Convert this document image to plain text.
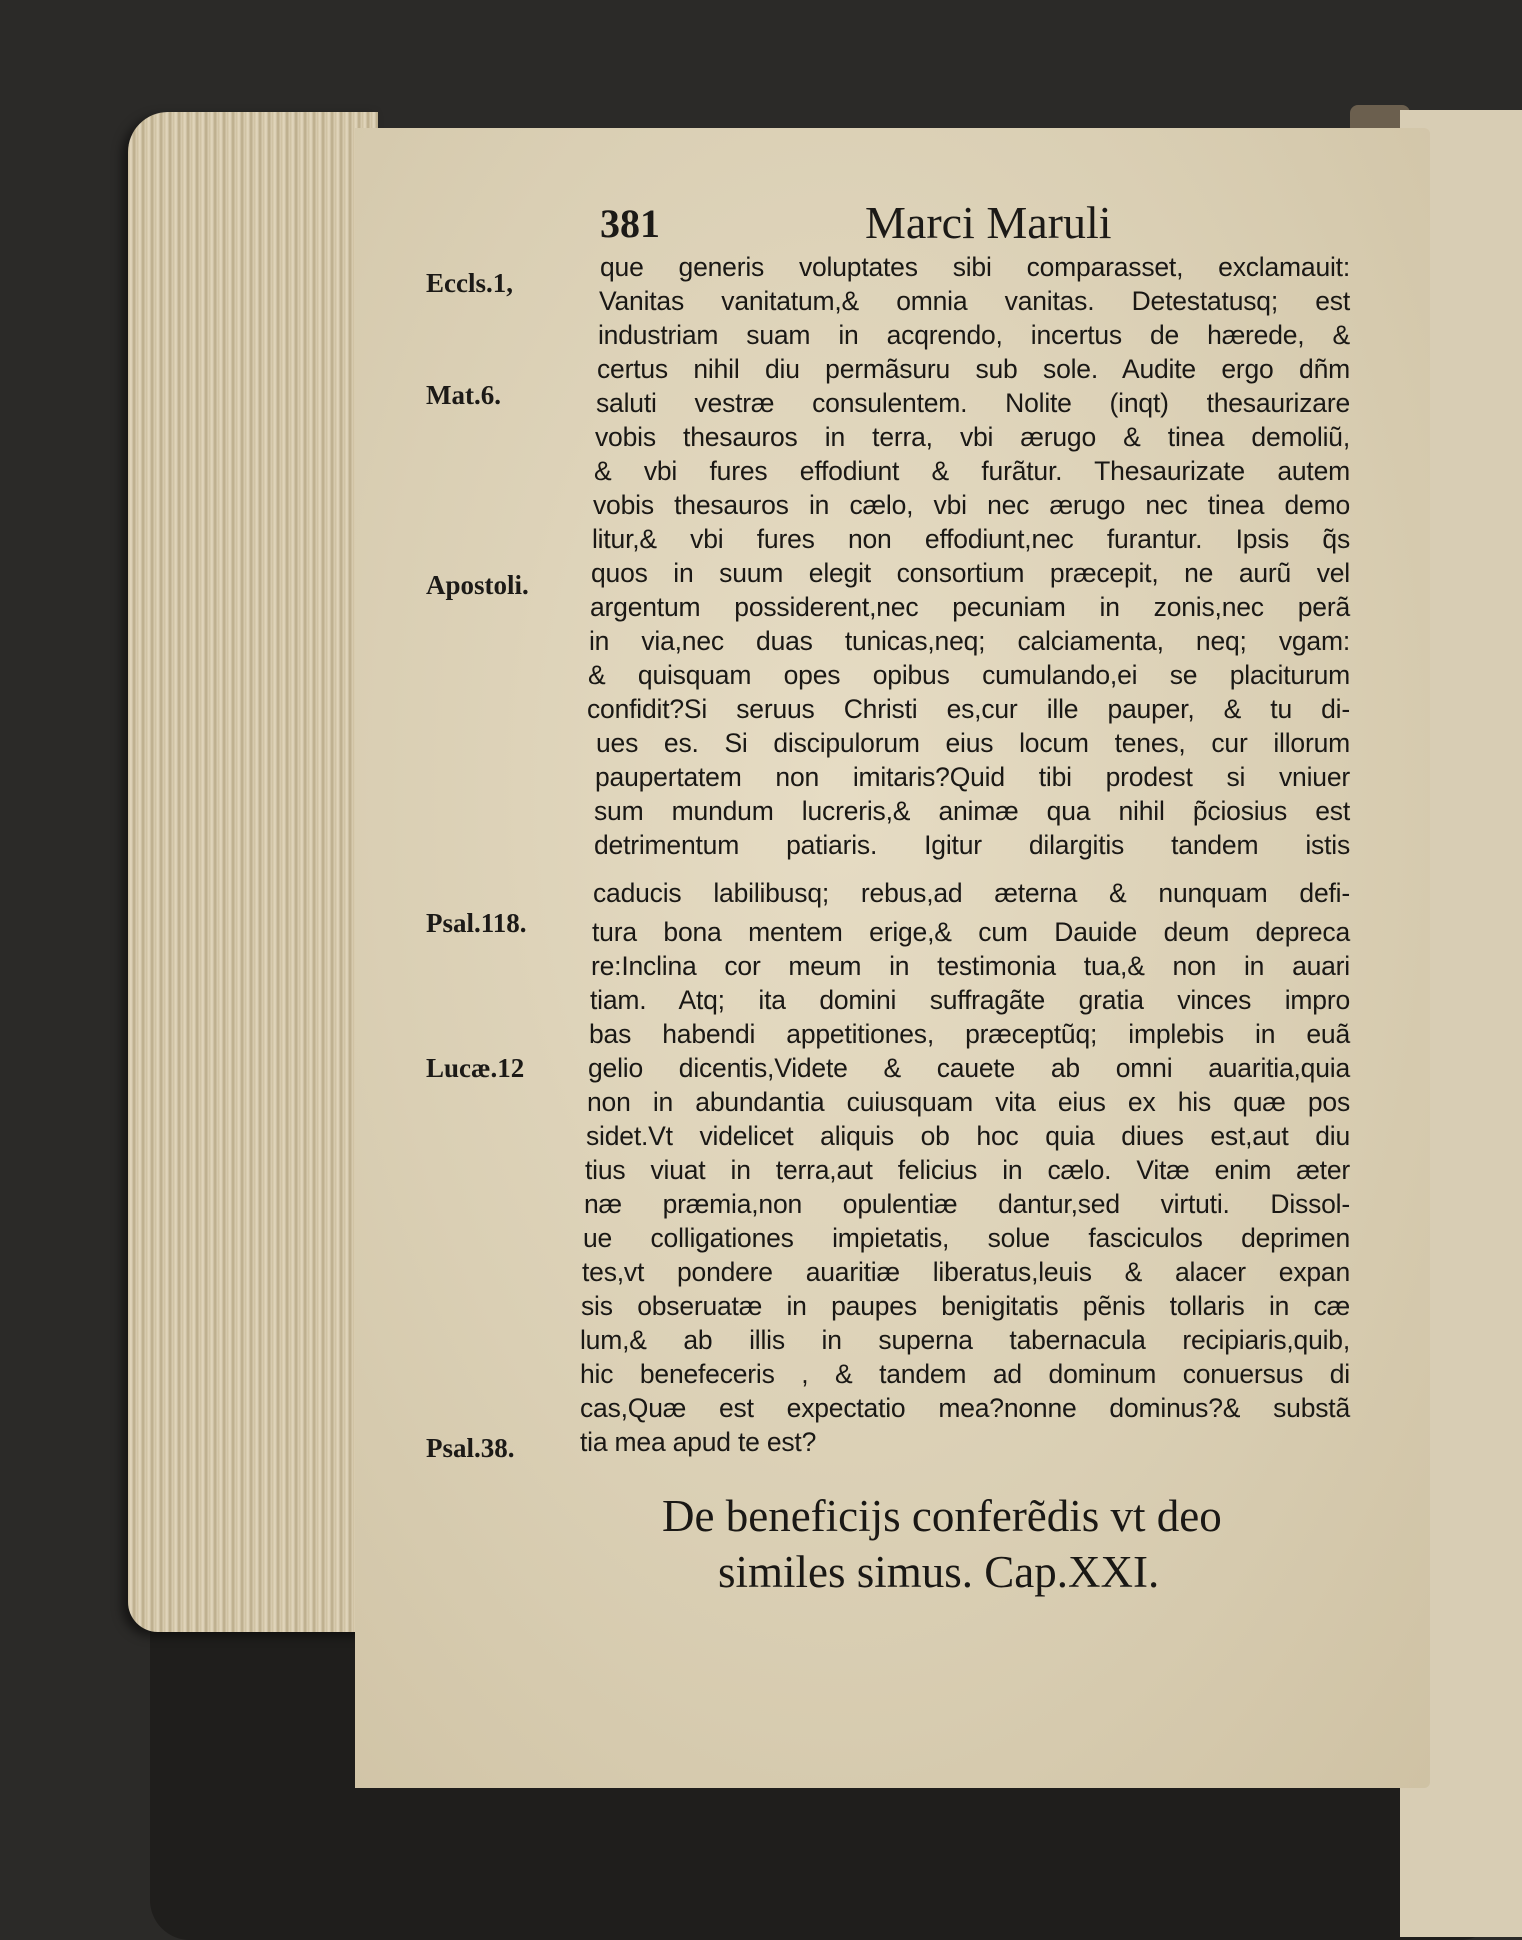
381	Marci Maruli
Eccls.1,
Mat.6.
Apostoli.
Psal.118.
Lucæ.12
Psal.38.
que generis voluptates sibi comparasset, exclamauit:
Vanitas vanitatum,& omnia vanitas. Detestatusq; est
industriam suam in acqrendo, incertus de hærede, &
certus nihil diu permãsuru sub sole. Audite ergo dñm
saluti vestræ consulentem. Nolite (inqt) thesaurizare
vobis thesauros in terra, vbi ærugo & tinea demoliũ,
& vbi fures effodiunt & furãtur. Thesaurizate autem
vobis thesauros in cælo, vbi nec ærugo nec tinea demo
litur,& vbi fures non effodiunt,nec furantur. Ipsis q̃s
quos in suum elegit consortium præcepit, ne aurũ vel
argentum possiderent,nec pecuniam in zonis,nec perã
in via,nec duas tunicas,neq; calciamenta, neq; vgam:
& quisquam opes opibus cumulando,ei se placiturum
confidit?Si seruus Christi es,cur ille pauper, & tu di-
ues es. Si discipulorum eius locum tenes, cur illorum
paupertatem non imitaris?Quid tibi prodest si vniuer
sum mundum lucreris,& animæ qua nihil p̃ciosius est
detrimentum patiaris. Igitur dilargitis tandem istis
caducis labilibusq; rebus,ad æterna & nunquam defi-
tura bona mentem erige,& cum Dauide deum depreca
re:Inclina cor meum in testimonia tua,& non in auari
tiam. Atq; ita domini suffragãte gratia vinces impro
bas habendi appetitiones, præceptũq; implebis in euã
gelio dicentis,Videte & cauete ab omni auaritia,quia
non in abundantia cuiusquam vita eius ex his quæ pos
sidet.Vt videlicet aliquis ob hoc quia diues est,aut diu
tius viuat in terra,aut felicius in cælo. Vitæ enim æter
næ præmia,non opulentiæ dantur,sed virtuti. Dissol-
ue colligationes impietatis, solue fasciculos deprimen
tes,vt pondere auaritiæ liberatus,leuis & alacer expan
sis obseruatæ in paupes benigitatis pẽnis tollaris in cæ
lum,& ab illis in superna tabernacula recipiaris,quib,
hic benefeceris , & tandem ad dominum conuersus di
cas,Quæ est expectatio mea?nonne dominus?& substã
tia mea apud te est?
De beneficijs conferẽdis vt deo
similes simus. Cap.XXI.
